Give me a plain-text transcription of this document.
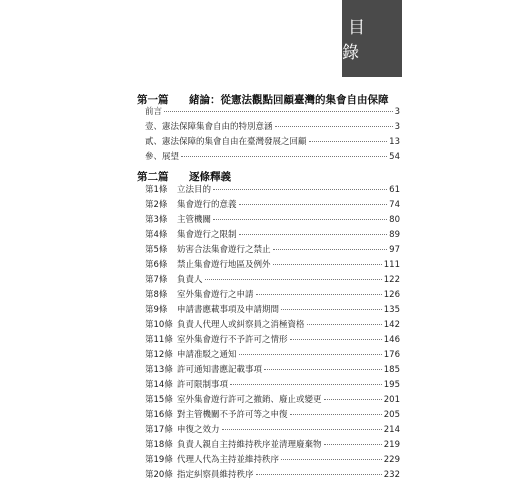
目 錄
第一篇 緒論：從憲法觀點回顧臺灣的集會自由保障
前言	3
壹、憲法保障集會自由的特別意涵	3
貳、憲法保障的集會自由在臺灣發展之回顧	13
參、展望	54
第二篇 逐條釋義
第1條	立法目的	61
第2條	集會遊行的意義	74
第3條	主管機關	80
第4條	集會遊行之限制	89
第5條	妨害合法集會遊行之禁止	97
第6條	禁止集會遊行地區及例外	111
第7條	負責人	122
第8條	室外集會遊行之申請	126
第9條	申請書應載事項及申請期間	135
第10條 負責人代理人或糾察員之消極資格	142
第11條 室外集會遊行不予許可之情形	146
第12條 申請准駁之通知	176
第13條 許可通知書應記載事項	185
第14條 許可限制事項	195
第15條 室外集會遊行許可之撤銷、廢止或變更	201
第16條 對主管機關不予許可等之申復	205
第17條 申復之效力	214
第18條 負責人親自主持維持秩序並清理廢棄物	219
第19條 代理人代為主持並維持秩序	229
第20條 指定糾察員維持秩序	232
